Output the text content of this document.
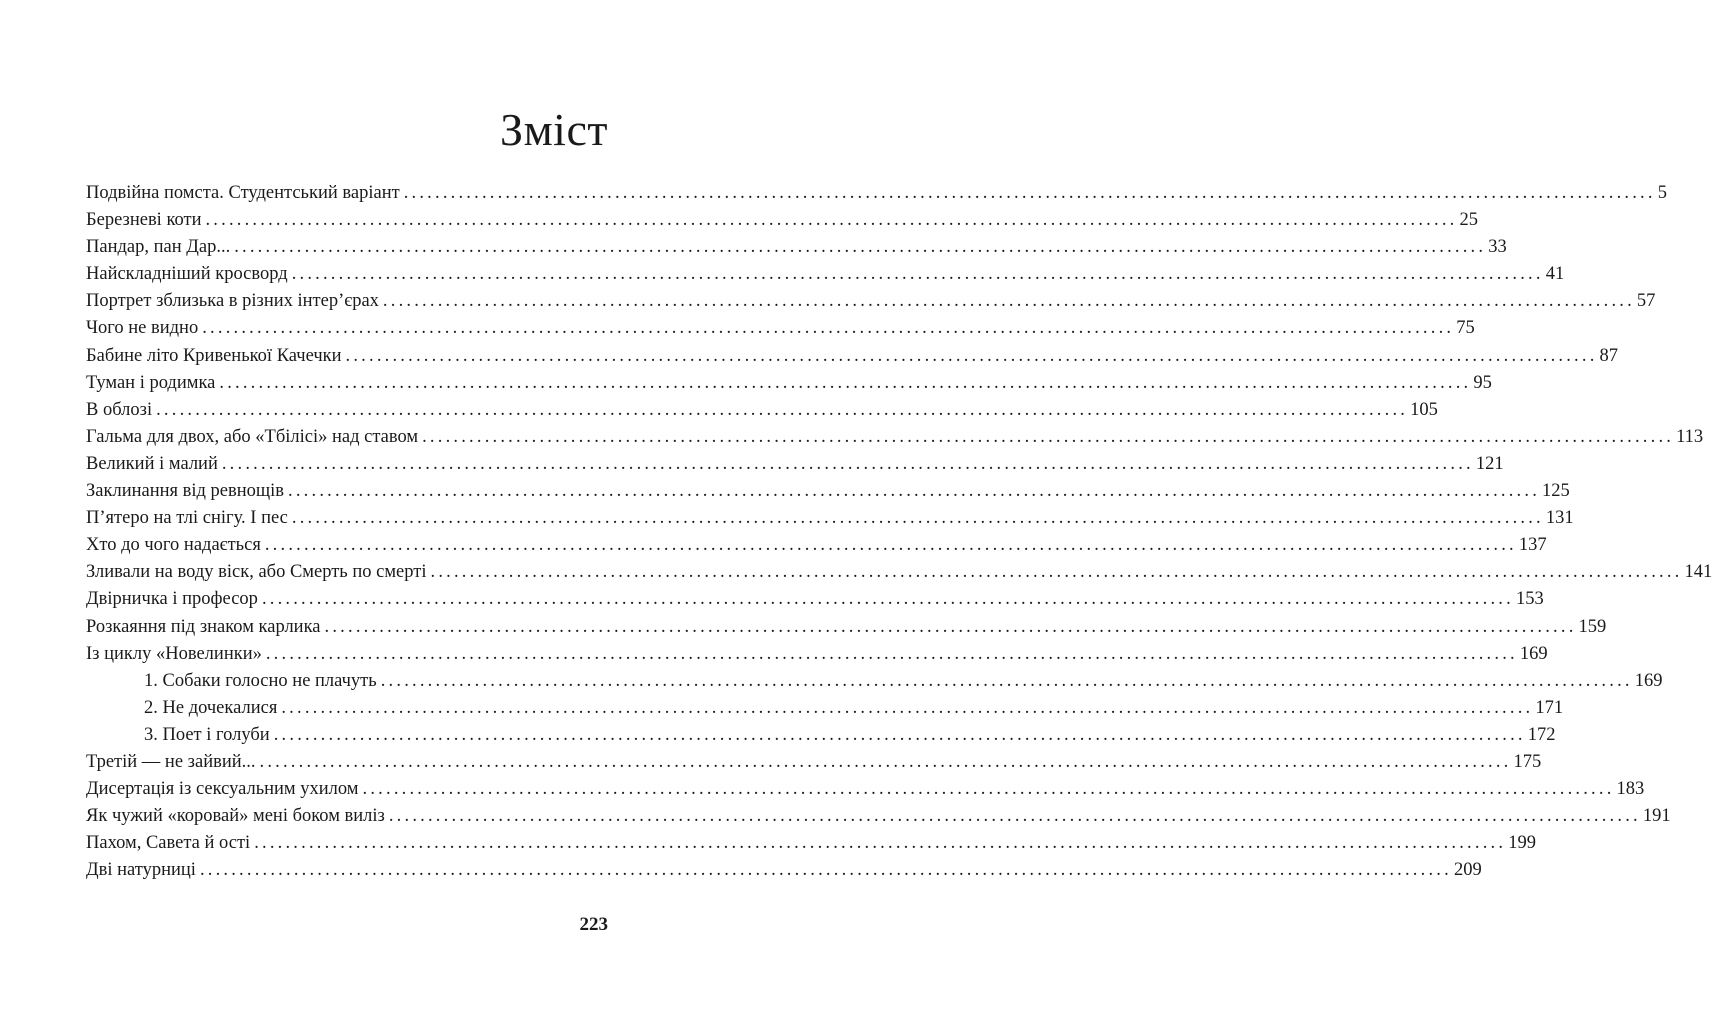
Зміст
Подвійна помста. Студентський варіант ................................................................................................................................................................ 5
Березневі коти ................................................................................................................................................................ 25
Пандар, пан Дар... ................................................................................................................................................................ 33
Найскладніший кросворд ................................................................................................................................................................ 41
Портрет зблизька в різних інтер’єрах ................................................................................................................................................................ 57
Чого не видно ................................................................................................................................................................ 75
Бабине літо Кривенької Качечки ................................................................................................................................................................ 87
Туман і родимка ................................................................................................................................................................ 95
В облозі ................................................................................................................................................................ 105
Гальма для двох, або «Тбілісі» над ставом ................................................................................................................................................................ 113
Великий і малий ................................................................................................................................................................ 121
Заклинання від ревнощів ................................................................................................................................................................ 125
П’ятеро на тлі снігу. І пес ................................................................................................................................................................ 131
Хто до чого надається ................................................................................................................................................................ 137
Зливали на воду віск, або Смерть по смерті ................................................................................................................................................................ 141
Двірничка і професор ................................................................................................................................................................ 153
Розкаяння під знаком карлика ................................................................................................................................................................ 159
Із циклу «Новелинки» ................................................................................................................................................................ 169
1. Собаки голосно не плачуть ................................................................................................................................................................ 169
2. Не дочекалися ................................................................................................................................................................ 171
3. Поет і голуби ................................................................................................................................................................ 172
Третій — не зайвий... ................................................................................................................................................................ 175
Дисертація із сексуальним ухилом ................................................................................................................................................................ 183
Як чужий «коровай» мені боком виліз ................................................................................................................................................................ 191
Пахом, Савета й ості ................................................................................................................................................................ 199
Дві натурниці ................................................................................................................................................................ 209
223
